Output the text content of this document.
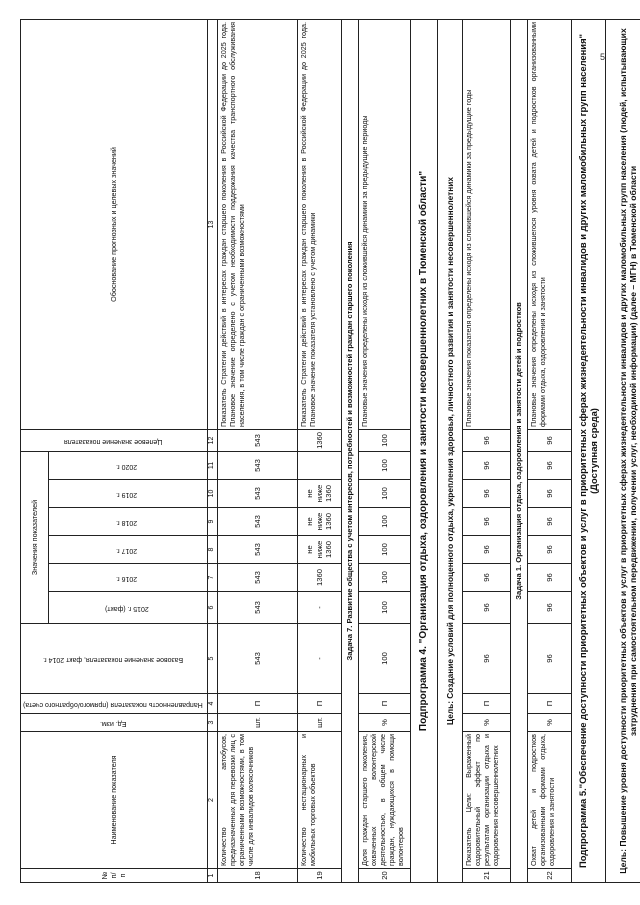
5
№ п/п	Наименование показателя	Ед. изм.	Направленность показателя (прямого/обратного счета)	Базовое значение показателя, факт 2014 г.	Значения показателей						Целевое значение показателя	Обоснование прогнозных и целевых значений
					2015 г. (факт)	2016 г.	2017 г.	2018 г.	2019 г.	2020 г.		
1	2	3	4	5	6	7	8	9	10	11	12	13
18	Количество автобусов, предназначенных для перевозки лиц с ограниченными возможностями, в том числе для инвалидов колясочников	шт.	П	543	543	543	543	543	543	543	543	Показатель Стратегии действий в интересах граждан старшего поколения в Российской Федерации до 2025 года. Плановое значение определено с учетом необходимости поддержания качества транспортного обслуживания населения, в том числе граждан с ограниченными возможностями
19	Количество нестационарных и мобильных торговых объектов	шт.	П	-	-	1360	не ниже 1360	не ниже 1360	не ниже 1360		1360	Показатель Стратегии действий в интересах граждан старшего поколения в Российской Федерации до 2025 года. Плановое значение показателя установлено с учетом динамики
Задача 7. Развитие общества с учетом интересов, потребностей и возможностей граждан старшего поколения												
20	Доля граждан старшего поколения, охваченных волонтерской деятельностью, в общем числе граждан, нуждающихся в помощи волонтеров	%	П	100	100	100	100	100	100	100	100	Плановые значения определены исходя из сложившейся динамики за предыдущие периоды
Подпрограмма 4. "Организация отдыха, оздоровления и занятости несовершеннолетних в Тюменской области"												
Цель: Создание условий для полноценного отдыха, укрепления здоровья, личностного развития и занятости несовершеннолетних												
21	Показатель Цели: Выраженный оздоровительный эффект по результатам организации отдыха и оздоровления несовершеннолетних	%	П	96	96	96	96	96	96	96	96	Плановые значения показателя определены исходя из сложившейся динамики за предыдущие годы
Задача 1. Организация отдыха, оздоровления и занятости детей и подростков												
22	Охват детей и подростков организованными формами отдыха, оздоровления и занятости	%	П	96	96	96	96	96	96	96	96	Плановые значения определены исходя из сложившегося уровня охвата детей и подростков организованными формами отдыха, оздоровления и занятости
Подпрограмма 5."Обеспечение доступности приоритетных объектов и услуг в приоритетных сферах жизнедеятельности инвалидов и других маломобильных групп населения" (Доступная среда)												
Цель: Повышение уровня доступности приоритетных объектов и услуг в приоритетных сферах жизнедеятельности инвалидов и других маломобильных групп населения (людей, испытывающих затруднения при самостоятельном передвижении, получении услуг, необходимой информации) (далее – МГН) в Тюменской области												
